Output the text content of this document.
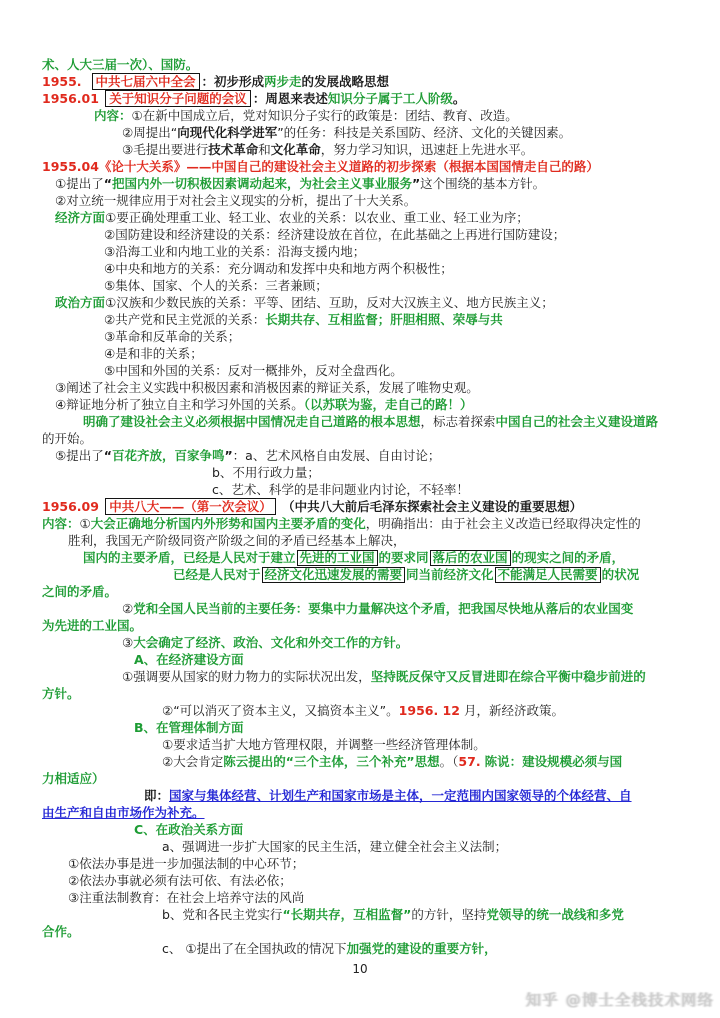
术、人大三届一次）、国防。
1955. 中共七届六中全会 ：初步形成两步走的发展战略思想
1956.01 关于知识分子问题的会议 ：周恩来表述知识分子属于工人阶级。
内容：①在新中国成立后，党对知识分子实行的政策是：团结、教育、改造。
②周提出“向现代化科学进军”的任务：科技是关系国防、经济、文化的关键因素。
③毛提出要进行技术革命和文化革命，努力学习知识，迅速赶上先进水平。
1955.04《论十大关系》——中国自己的建设社会主义道路的初步探索（根据本国国情走自己的路）
①提出了“把国内外一切积极因素调动起来，为社会主义事业服务”这个围绕的基本方针。
②对立统一规律应用于对社会主义现实的分析，提出了十大关系。
经济方面①要正确处理重工业、轻工业、农业的关系：以农业、重工业、轻工业为序；
②国防建设和经济建设的关系：经济建设放在首位，在此基础之上再进行国防建设；
③沿海工业和内地工业的关系：沿海支援内地；
④中央和地方的关系：充分调动和发挥中央和地方两个积极性；
⑤集体、国家、个人的关系：三者兼顾；
政治方面①汉族和少数民族的关系：平等、团结、互助，反对大汉族主义、地方民族主义；
②共产党和民主党派的关系：长期共存、互相监督；肝胆相照、荣辱与共
③革命和反革命的关系；
④是和非的关系；
⑤中国和外国的关系：反对一概排外，反对全盘西化。
③阐述了社会主义实践中积极因素和消极因素的辩证关系，发展了唯物史观。
④辩证地分析了独立自主和学习外国的关系。（以苏联为鉴，走自己的路！）
明确了建设社会主义必须根据中国情况走自己道路的根本思想，标志着探索中国自己的社会主义建设道路
的开始。
⑤提出了“百花齐放，百家争鸣”：a、艺术风格自由发展、自由讨论；
b、不用行政力量；
c、艺术、科学的是非问题业内讨论，不轻率！
1956.09 中共八大——（第一次会议） （中共八大前后毛泽东探索社会主义建设的重要思想）
内容：①大会正确地分析国内外形势和国内主要矛盾的变化，明确指出：由于社会主义改造已经取得决定性的
胜利，我国无产阶级同资产阶级之间的矛盾已经基本上解决，
国内的主要矛盾，已经是人民对于建立 先进的工业国 的要求同 落后的农业国 的现实之间的矛盾，
已经是人民对于 经济文化迅速发展的需要 同当前经济文化 不能满足人民需要 的状况
之间的矛盾。
②党和全国人民当前的主要任务：要集中力量解决这个矛盾，把我国尽快地从落后的农业国变
为先进的工业国。
③大会确定了经济、政治、文化和外交工作的方针。
A、在经济建设方面
①强调要从国家的财力物力的实际状况出发，坚持既反保守又反冒进即在综合平衡中稳步前进的
方针。
②“可以消灭了资本主义，又搞资本主义”。1956. 12 月，新经济政策。
B、在管理体制方面
①要求适当扩大地方管理权限，并调整一些经济管理体制。
②大会肯定陈云提出的“三个主体，三个补充”思想。（57. 陈说：建设规模必须与国
力相适应）
即：国家与集体经营、计划生产和国家市场是主体，一定范围内国家领导的个体经营、自
由生产和自由市场作为补充。
C、在政治关系方面
a、强调进一步扩大国家的民主生活，建立健全社会主义法制；
①依法办事是进一步加强法制的中心环节；
②依法办事就必须有法可依、有法必依；
③注重法制教育：在社会上培养守法的风尚
b、党和各民主党实行“长期共存，互相监督”的方针，坚持党领导的统一战线和多党
合作。
c、 ①提出了在全国执政的情况下加强党的建设的重要方针，
10
知乎 @博士全栈技术网络
